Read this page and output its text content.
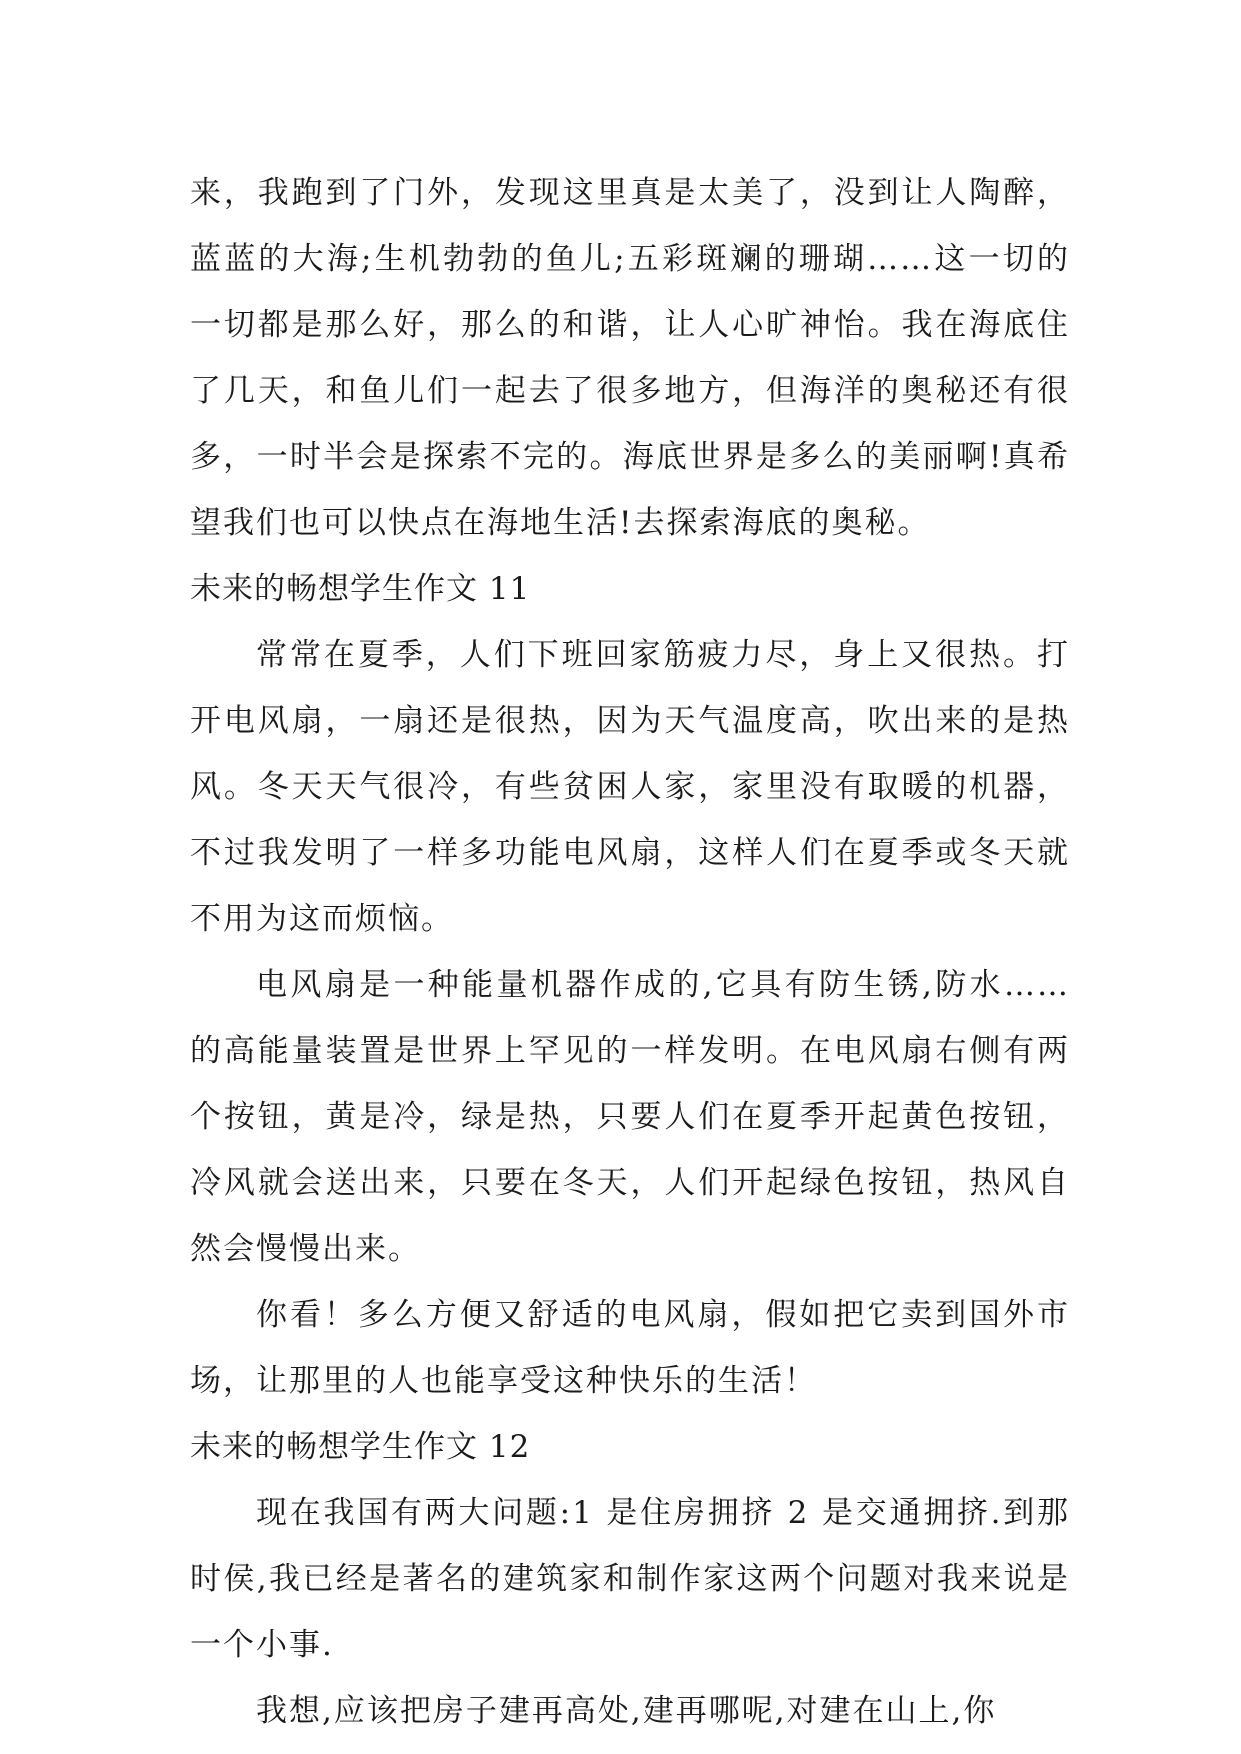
来，我跑到了门外，发现这里真是太美了，没到让人陶醉，蓝蓝的大海;生机勃勃的鱼儿;五彩斑斓的珊瑚……这一切的一切都是那么好，那么的和谐，让人心旷神怡。我在海底住了几天，和鱼儿们一起去了很多地方，但海洋的奥秘还有很多，一时半会是探索不完的。海底世界是多么的美丽啊!真希望我们也可以快点在海地生活!去探索海底的奥秘。

未来的畅想学生作文 11

常常在夏季，人们下班回家筋疲力尽，身上又很热。打开电风扇，一扇还是很热，因为天气温度高，吹出来的是热风。冬天天气很冷，有些贫困人家，家里没有取暖的机器，不过我发明了一样多功能电风扇，这样人们在夏季或冬天就不用为这而烦恼。

电风扇是一种能量机器作成的,它具有防生锈,防水……的高能量装置是世界上罕见的一样发明。在电风扇右侧有两个按钮，黄是冷，绿是热，只要人们在夏季开起黄色按钮，冷风就会送出来，只要在冬天，人们开起绿色按钮，热风自然会慢慢出来。

你看！多么方便又舒适的电风扇，假如把它卖到国外市场，让那里的人也能享受这种快乐的生活！

未来的畅想学生作文 12

现在我国有两大问题:1 是住房拥挤 2 是交通拥挤.到那时侯,我已经是著名的建筑家和制作家这两个问题对我来说是一个小事.

我想,应该把房子建再高处,建再哪呢,对建在山上,你
